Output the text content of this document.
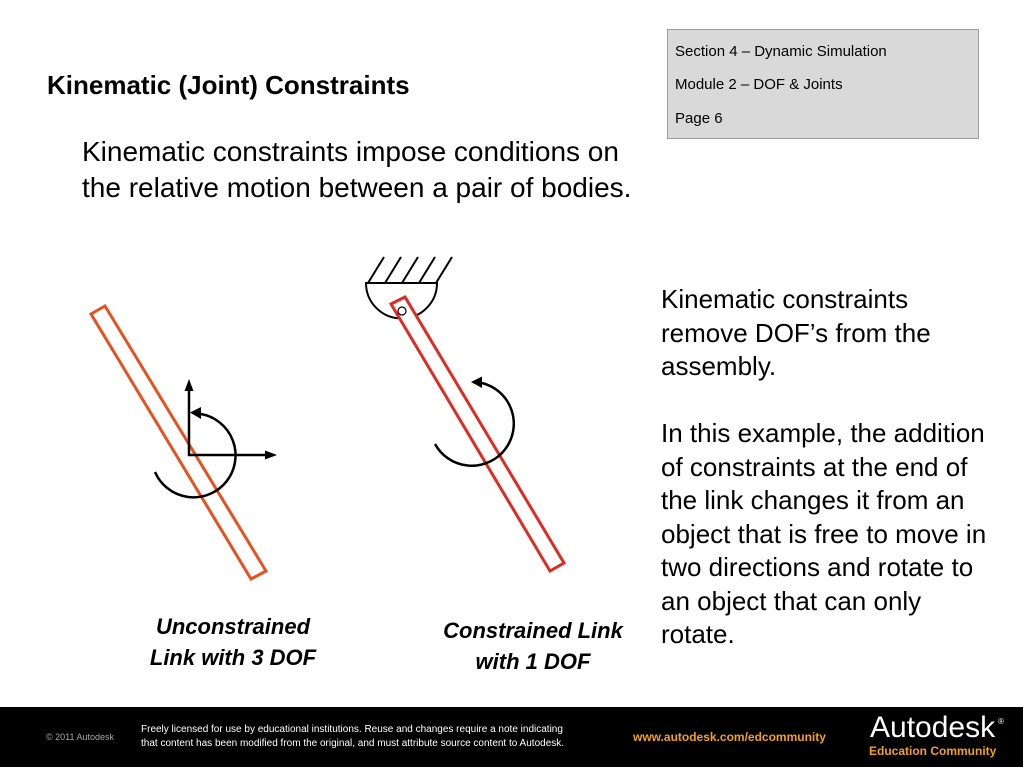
Section 4 – Dynamic Simulation
Module 2 – DOF & Joints
Page 6
Kinematic (Joint) Constraints
Kinematic constraints impose conditions on
the relative motion between a pair of bodies.
Kinematic constraints
remove DOF’s from the
assembly.
In this example, the addition
of constraints at the end of
the link changes it from an
object that is free to move in
two directions and rotate to
an object that can only
rotate.
Unconstrained
Link with 3 DOF
Constrained Link
with 1 DOF
© 2011 Autodesk
Freely licensed for use by educational institutions. Reuse and changes require a note indicating
that content has been modified from the original, and must attribute source content to Autodesk.	www.autodesk.com/edcommunity Autodesk ®
Education Community
